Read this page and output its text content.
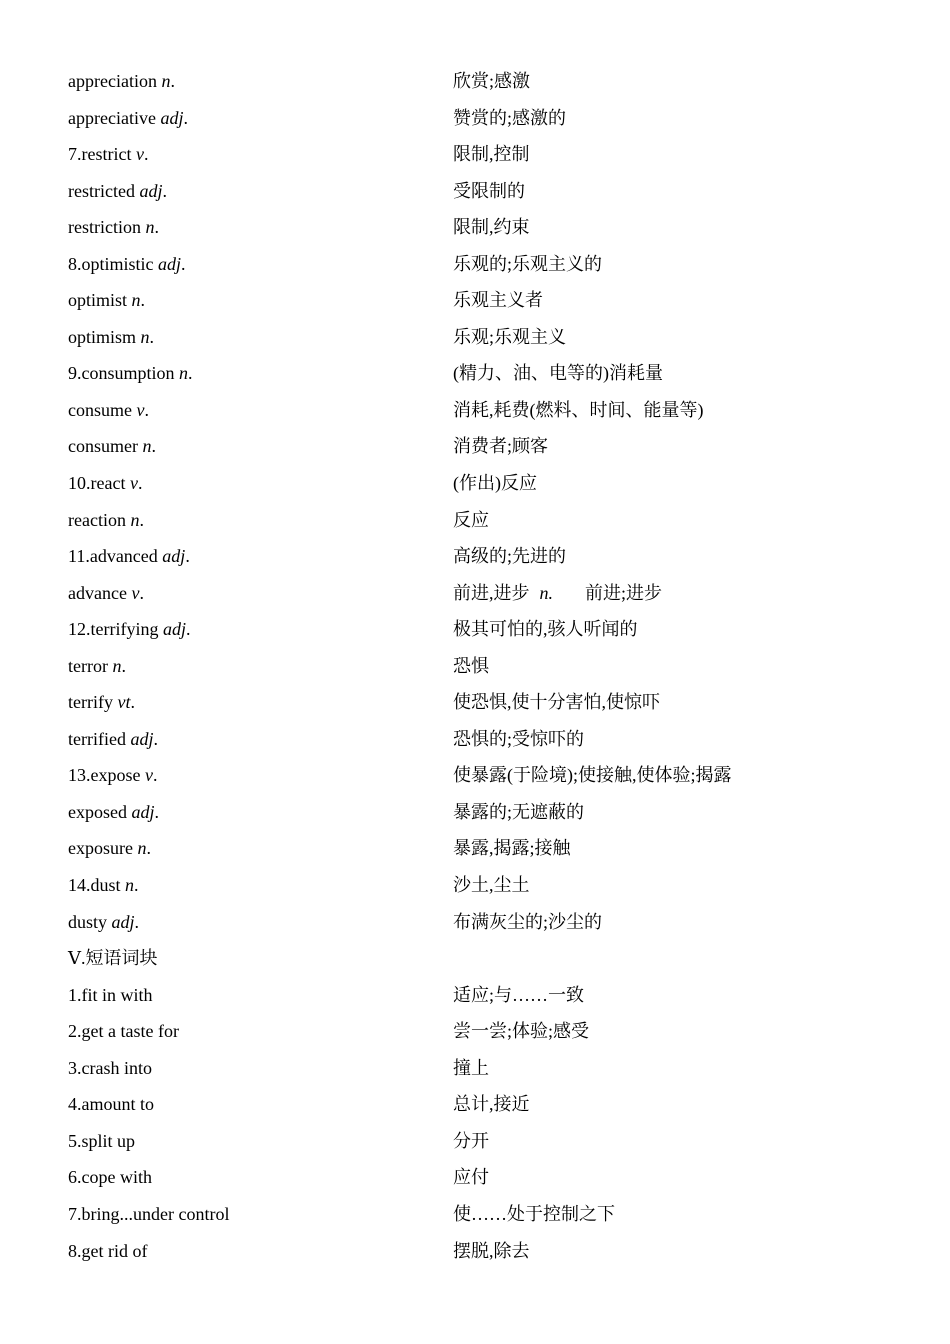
appreciation n.	欣赏;感激
appreciative adj.	赞赏的;感激的
7.restrict v.	限制,控制
restricted adj.	受限制的
restriction n.	限制,约束
8.optimistic adj.	乐观的;乐观主义的
optimist n.	乐观主义者
optimism n.	乐观;乐观主义
9.consumption n.	(精力、油、电等的)消耗量
consume v.	消耗,耗费(燃料、时间、能量等)
consumer n.	消费者;顾客
10.react v.	(作出)反应
reaction n.	反应
11.advanced adj.	高级的;先进的
advance v.	前进,进步 n. 前进;进步
12.terrifying adj.	极其可怕的,骇人听闻的
terror n.	恐惧
terrify vt.	使恐惧,使十分害怕,使惊吓
terrified adj.	恐惧的;受惊吓的
13.expose v.	使暴露(于险境);使接触,使体验;揭露
exposed adj.	暴露的;无遮蔽的
exposure n.	暴露,揭露;接触
14.dust n.	沙土,尘土
dusty adj.	布满灰尘的;沙尘的
Ⅴ.短语词块
1.fit in with	适应;与……一致
2.get a taste for	尝一尝;体验;感受
3.crash into	撞上
4.amount to	总计,接近
5.split up	分开
6.cope with	应付
7.bring...under control	使……处于控制之下
8.get rid of	摆脱,除去
